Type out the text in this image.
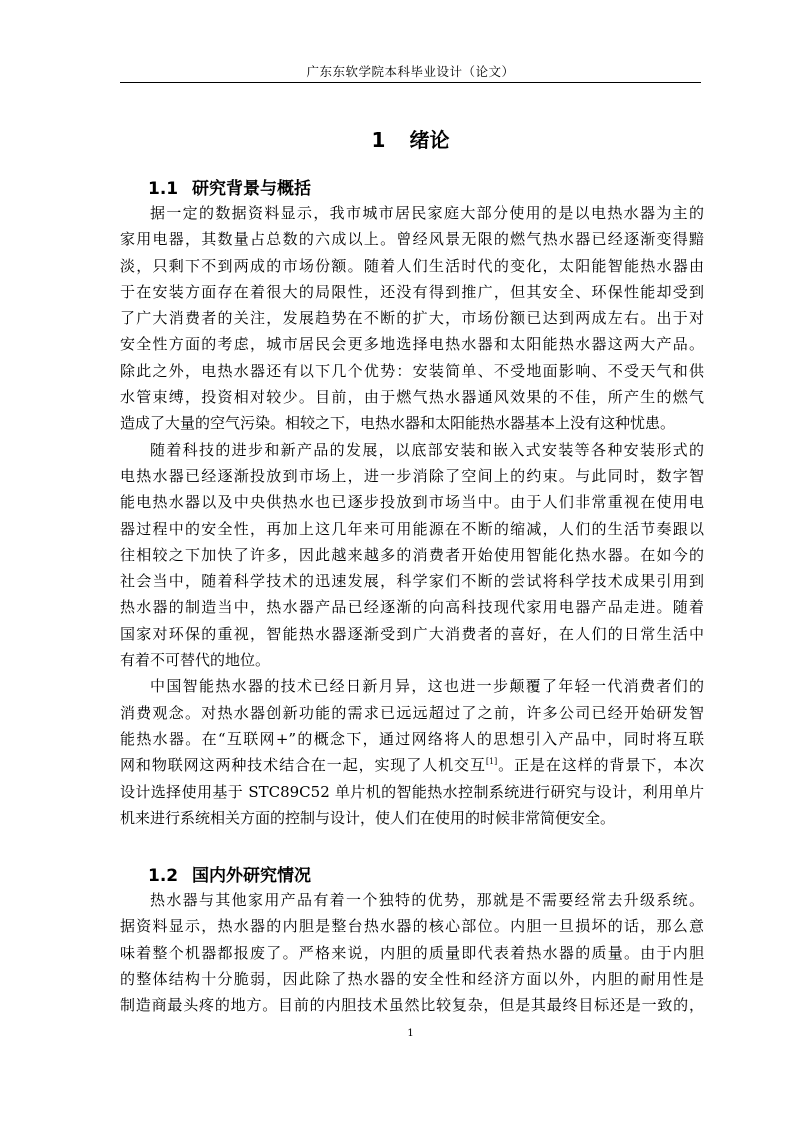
广东东软学院本科毕业设计（论文）
1 绪论
1.1 研究背景与概括
据一定的数据资料显示，我市城市居民家庭大部分使用的是以电热水器为主的
家用电器，其数量占总数的六成以上。曾经风景无限的燃气热水器已经逐渐变得黯
淡，只剩下不到两成的市场份额。随着人们生活时代的变化，太阳能智能热水器由
于在安装方面存在着很大的局限性，还没有得到推广，但其安全、环保性能却受到
了广大消费者的关注，发展趋势在不断的扩大，市场份额已达到两成左右。出于对
安全性方面的考虑，城市居民会更多地选择电热水器和太阳能热水器这两大产品。
除此之外，电热水器还有以下几个优势：安装简单、不受地面影响、不受天气和供
水管束缚，投资相对较少。目前，由于燃气热水器通风效果的不佳，所产生的燃气
造成了大量的空气污染。相较之下，电热水器和太阳能热水器基本上没有这种忧患。
随着科技的进步和新产品的发展，以底部安装和嵌入式安装等各种安装形式的
电热水器已经逐渐投放到市场上，进一步消除了空间上的约束。与此同时，数字智
能电热水器以及中央供热水也已逐步投放到市场当中。由于人们非常重视在使用电
器过程中的安全性，再加上这几年来可用能源在不断的缩减，人们的生活节奏跟以
往相较之下加快了许多，因此越来越多的消费者开始使用智能化热水器。在如今的
社会当中，随着科学技术的迅速发展，科学家们不断的尝试将科学技术成果引用到
热水器的制造当中，热水器产品已经逐渐的向高科技现代家用电器产品走进。随着
国家对环保的重视，智能热水器逐渐受到广大消费者的喜好，在人们的日常生活中
有着不可替代的地位。
中国智能热水器的技术已经日新月异，这也进一步颠覆了年轻一代消费者们的
消费观念。对热水器创新功能的需求已远远超过了之前，许多公司已经开始研发智
能热水器。在“互联网+”的概念下，通过网络将人的思想引入产品中，同时将互联
网和物联网这两种技术结合在一起，实现了人机交互[1]。正是在这样的背景下，本次
设计选择使用基于 STC89C52 单片机的智能热水控制系统进行研究与设计，利用单片
机来进行系统相关方面的控制与设计，使人们在使用的时候非常简便安全。
1.2 国内外研究情况
热水器与其他家用产品有着一个独特的优势，那就是不需要经常去升级系统。
据资料显示，热水器的内胆是整台热水器的核心部位。内胆一旦损坏的话，那么意
味着整个机器都报废了。严格来说，内胆的质量即代表着热水器的质量。由于内胆
的整体结构十分脆弱，因此除了热水器的安全性和经济方面以外，内胆的耐用性是
制造商最头疼的地方。目前的内胆技术虽然比较复杂，但是其最终目标还是一致的，
1
